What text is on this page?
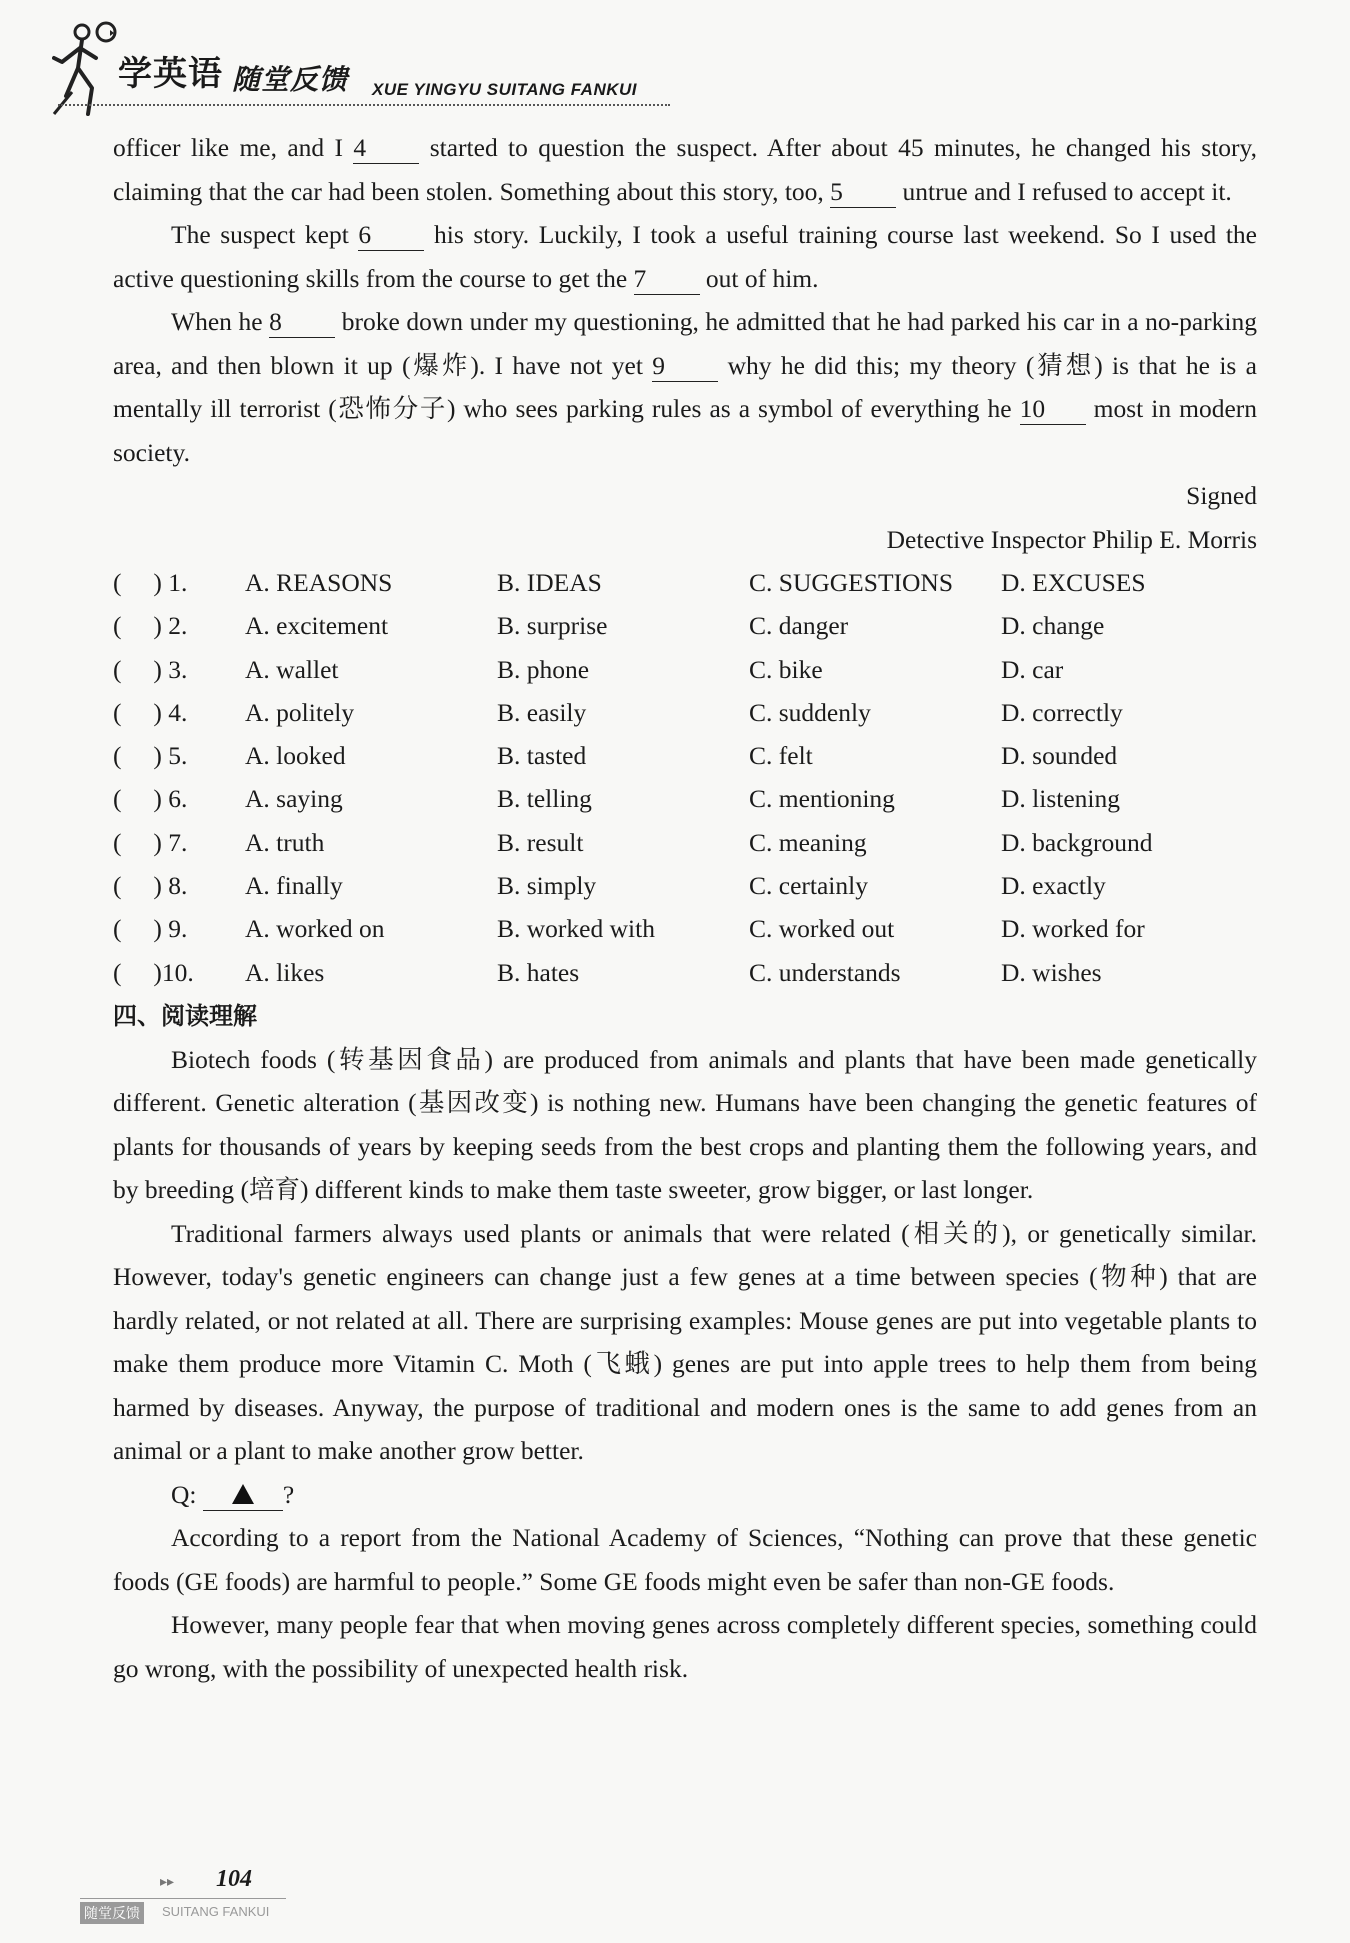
学英语 随堂反馈 XUE YINGYU SUITANG FANKUI

officer like me, and I 4 started to question the suspect. After about 45 minutes, he changed his story, claiming that the car had been stolen. Something about this story, too, 5 untrue and I refused to accept it.

The suspect kept 6 his story. Luckily, I took a useful training course last weekend. So I used the active questioning skills from the course to get the 7 out of him.

When he 8 broke down under my questioning, he admitted that he had parked his car in a no-parking area, and then blown it up (爆炸). I have not yet 9 why he did this; my theory (猜想) is that he is a mentally ill terrorist (恐怖分子) who sees parking rules as a symbol of everything he 10 most in modern society.

Signed

Detective Inspector Philip E. Morris

(     ) 1.	A. REASONS	B. IDEAS	C. SUGGESTIONS	D. EXCUSES
(     ) 2.	A. excitement	B. surprise	C. danger	D. change
(     ) 3.	A. wallet	B. phone	C. bike	D. car
(     ) 4.	A. politely	B. easily	C. suddenly	D. correctly
(     ) 5.	A. looked	B. tasted	C. felt	D. sounded
(     ) 6.	A. saying	B. telling	C. mentioning	D. listening
(     ) 7.	A. truth	B. result	C. meaning	D. background
(     ) 8.	A. finally	B. simply	C. certainly	D. exactly
(     ) 9.	A. worked on	B. worked with	C. worked out	D. worked for
(     )10.	A. likes	B. hates	C. understands	D. wishes

四、阅读理解

Biotech foods (转基因食品) are produced from animals and plants that have been made genetically different. Genetic alteration (基因改变) is nothing new. Humans have been changing the genetic features of plants for thousands of years by keeping seeds from the best crops and planting them the following years, and by breeding (培育) different kinds to make them taste sweeter, grow bigger, or last longer.

Traditional farmers always used plants or animals that were related (相关的), or genetically similar. However, today's genetic engineers can change just a few genes at a time between species (物种) that are hardly related, or not related at all. There are surprising examples: Mouse genes are put into vegetable plants to make them produce more Vitamin C. Moth (飞蛾) genes are put into apple trees to help them from being harmed by diseases. Anyway, the purpose of traditional and modern ones is the same to add genes from an animal or a plant to make another grow better.

Q:	?

According to a report from the National Academy of Sciences, “Nothing can prove that these genetic foods (GE foods) are harmful to people.” Some GE foods might even be safer than non-GE foods.

However, many people fear that when moving genes across completely different species, something could go wrong, with the possibility of unexpected health risk.

▸▸ 104
随堂反馈	SUITANG FANKUI
